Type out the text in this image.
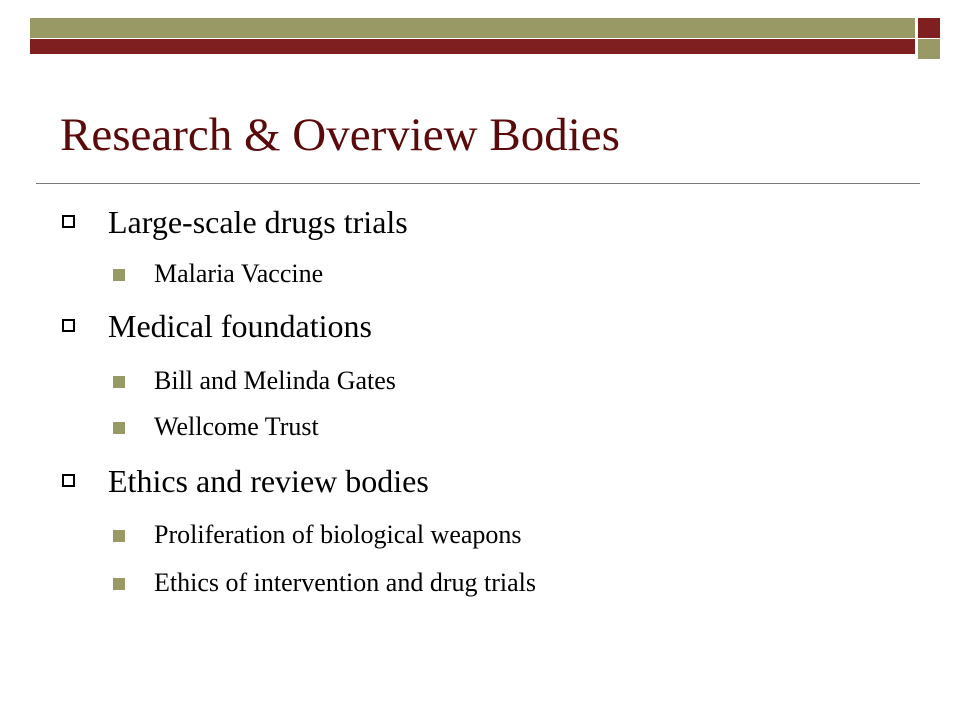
Research & Overview Bodies
Large-scale drugs trials
Malaria Vaccine
Medical foundations
Bill and Melinda Gates
Wellcome Trust
Ethics and review bodies
Proliferation of biological weapons
Ethics of intervention and drug trials
